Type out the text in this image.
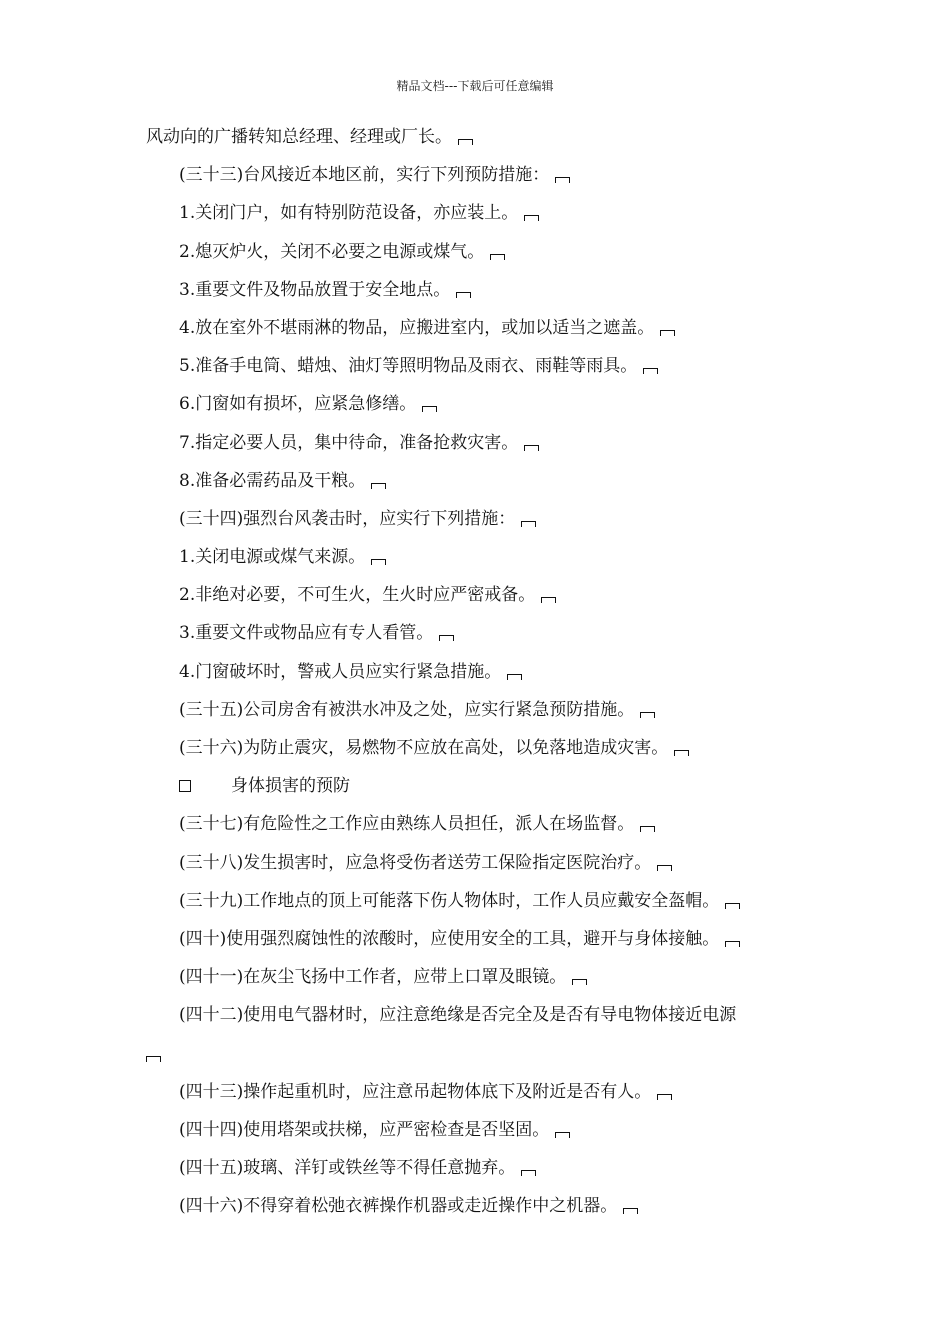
精品文档---下载后可任意编辑
风动向的广播转知总经理、经理或厂长。
(三十三)台风接近本地区前，实行下列预防措施：
1.关闭门户，如有特别防范设备，亦应装上。
2.熄灭炉火，关闭不必要之电源或煤气。
3.重要文件及物品放置于安全地点。
4.放在室外不堪雨淋的物品，应搬进室内，或加以适当之遮盖。
5.准备手电筒、蜡烛、油灯等照明物品及雨衣、雨鞋等雨具。
6.门窗如有损坏，应紧急修缮。
7.指定必要人员，集中待命，准备抢救灾害。
8.准备必需药品及干粮。
(三十四)强烈台风袭击时，应实行下列措施：
1.关闭电源或煤气来源。
2.非绝对必要，不可生火，生火时应严密戒备。
3.重要文件或物品应有专人看管。
4.门窗破坏时，警戒人员应实行紧急措施。
(三十五)公司房舍有被洪水冲及之处，应实行紧急预防措施。
(三十六)为防止震灾，易燃物不应放在高处，以免落地造成灾害。
身体损害的预防
(三十七)有危险性之工作应由熟练人员担任，派人在场监督。
(三十八)发生损害时，应急将受伤者送劳工保险指定医院治疗。
(三十九)工作地点的顶上可能落下伤人物体时，工作人员应戴安全盔帽。
(四十)使用强烈腐蚀性的浓酸时，应使用安全的工具，避开与身体接触。
(四十一)在灰尘飞扬中工作者，应带上口罩及眼镜。
(四十二)使用电气器材时，应注意绝缘是否完全及是否有导电物体接近电源
(四十三)操作起重机时，应注意吊起物体底下及附近是否有人。
(四十四)使用塔架或扶梯，应严密检查是否坚固。
(四十五)玻璃、洋钉或铁丝等不得任意抛弃。
(四十六)不得穿着松弛衣裤操作机器或走近操作中之机器。
